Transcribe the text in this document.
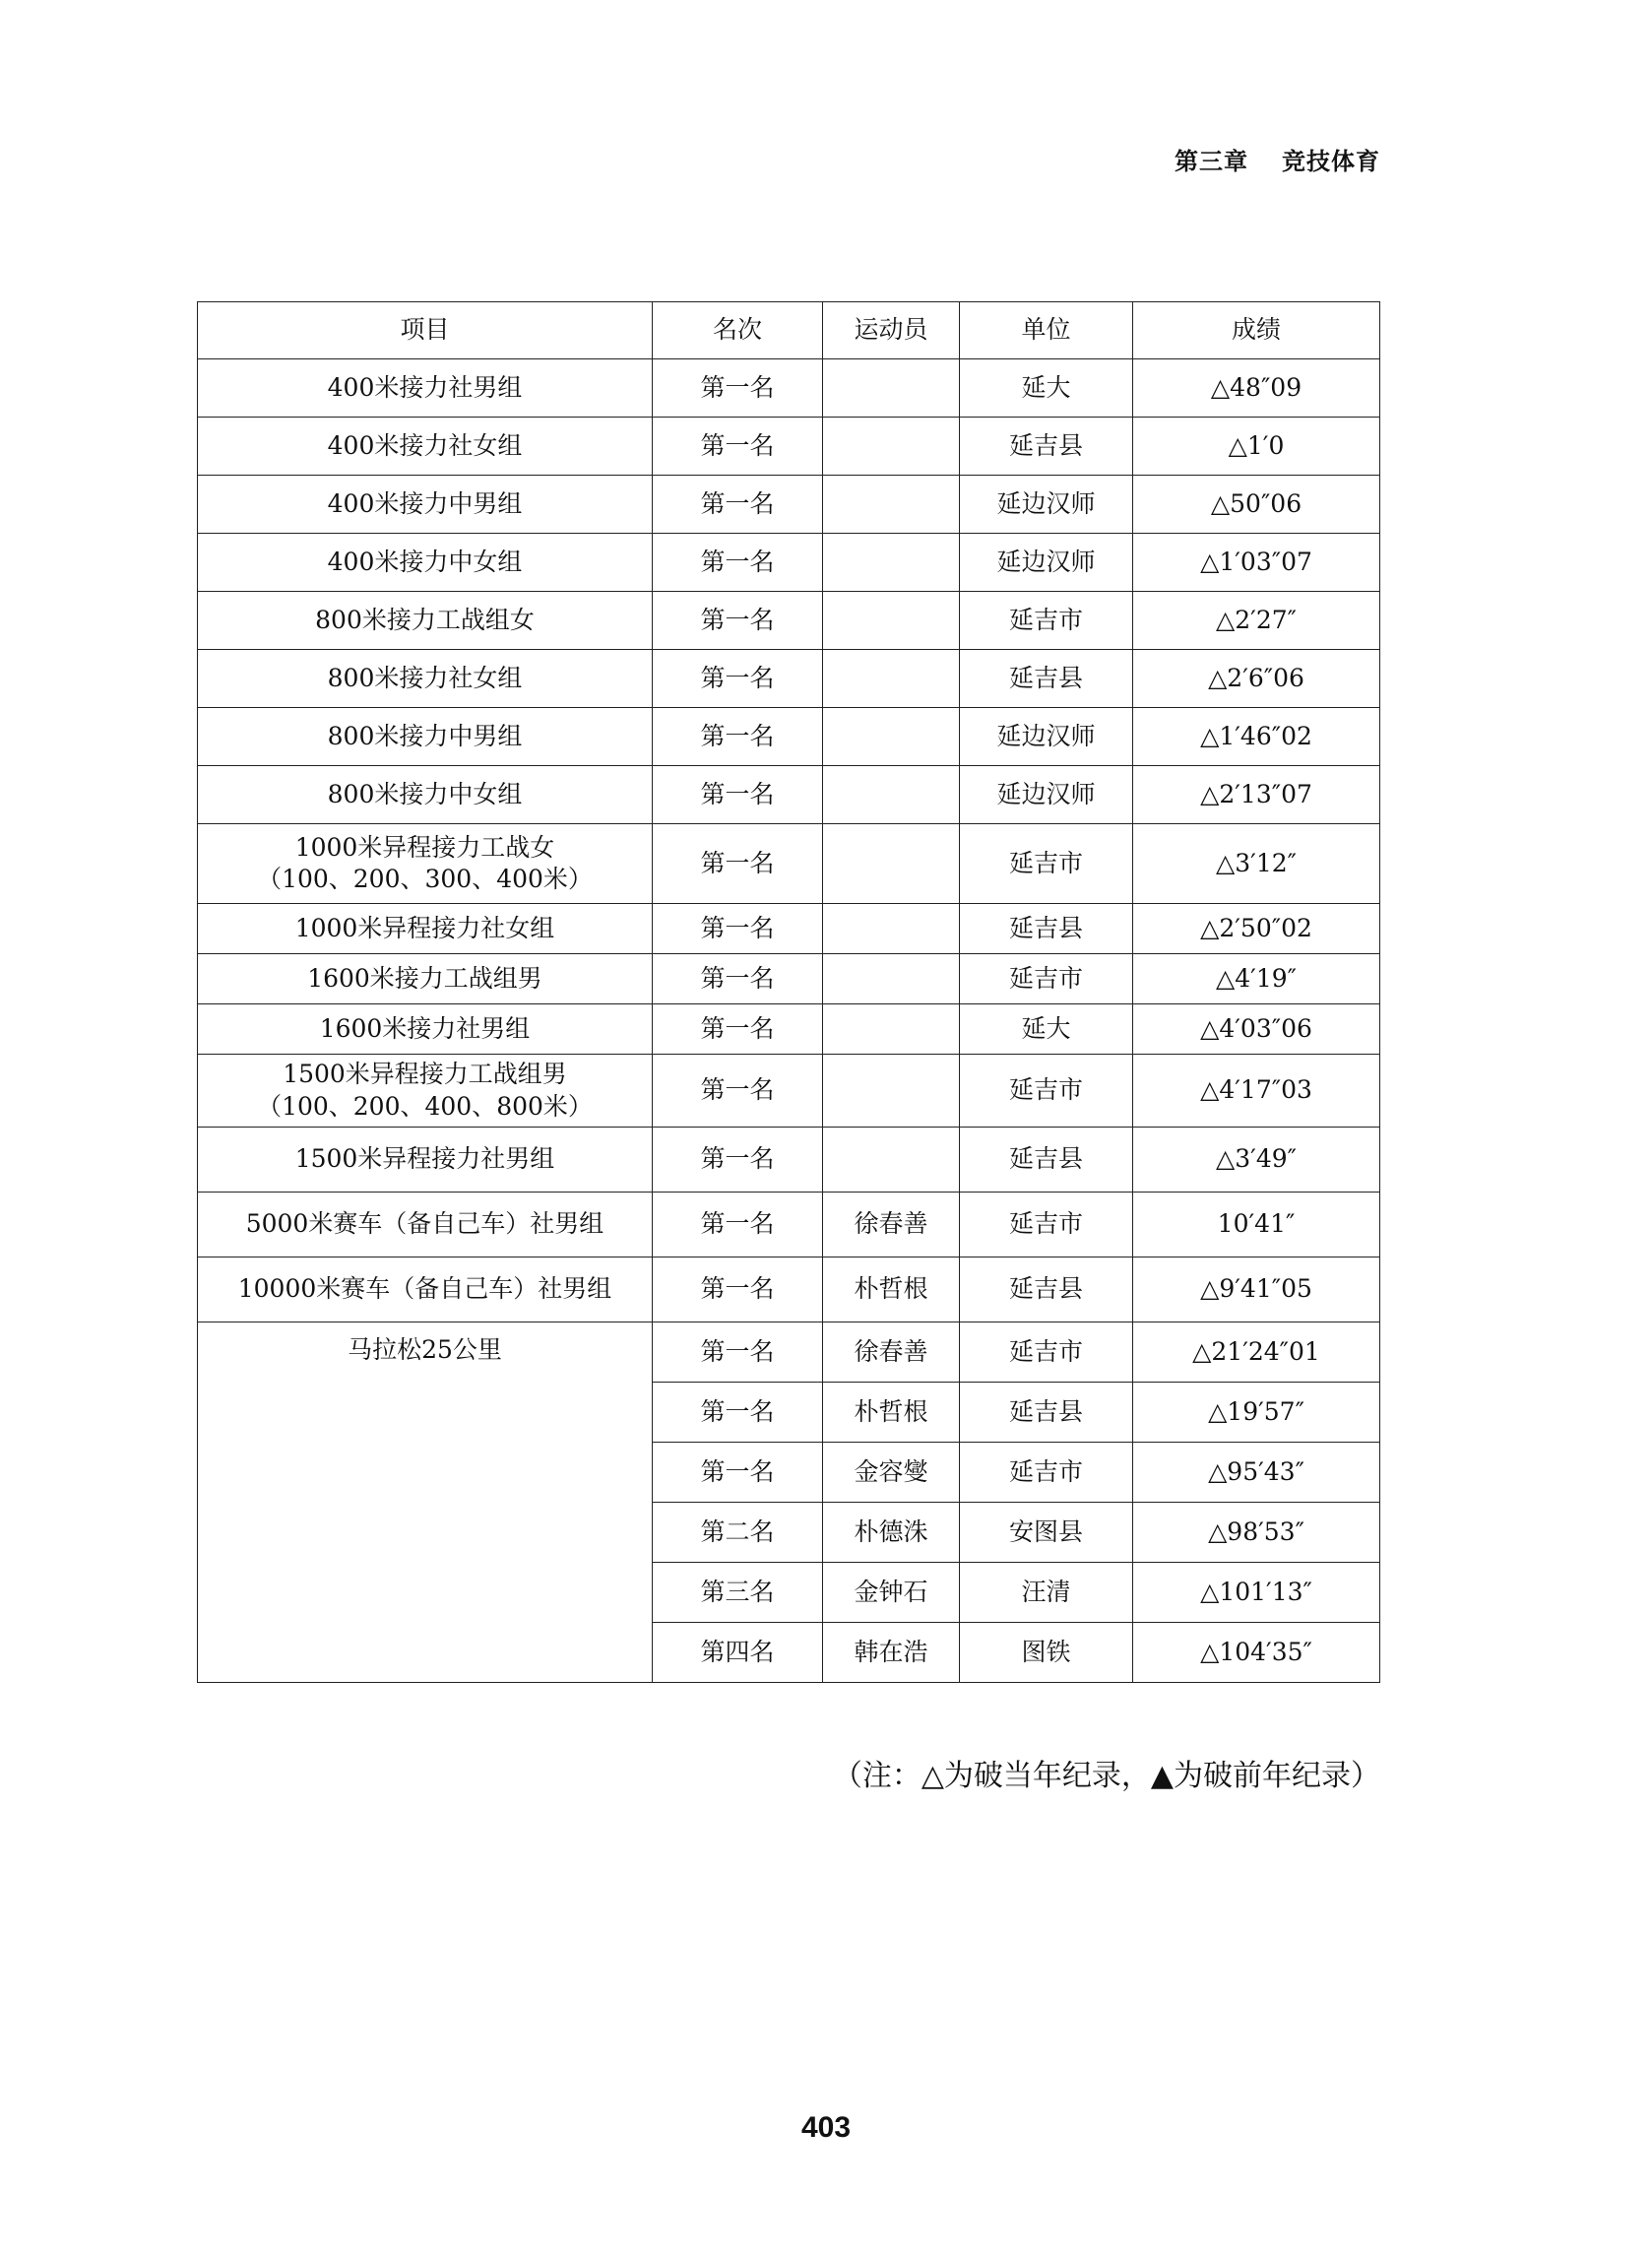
第三章 竞技体育
项目	名次	运动员	单位	成绩

400米接力社男组	第一名		延大	△48″09

400米接力社女组	第一名		延吉县	△1′0

400米接力中男组	第一名		延边汉师	△50″06

400米接力中女组	第一名		延边汉师	△1′03″07

800米接力工战组女	第一名		延吉市	△2′27″

800米接力社女组	第一名		延吉县	△2′6″06

800米接力中男组	第一名		延边汉师	△1′46″02

800米接力中女组	第一名		延边汉师	△2′13″07

1000米异程接力工战女
（100、200、300、400米）	第一名		延吉市	△3′12″

1000米异程接力社女组	第一名		延吉县	△2′50″02

1600米接力工战组男	第一名		延吉市	△4′19″

1600米接力社男组	第一名		延大	△4′03″06

1500米异程接力工战组男
（100、200、400、800米）	第一名		延吉市	△4′17″03

1500米异程接力社男组	第一名		延吉县	△3′49″

5000米赛车（备自己车）社男组	第一名	徐春善	延吉市	10′41″

10000米赛车（备自己车）社男组	第一名	朴哲根	延吉县	△9′41″05
马拉松25公里	第一名	徐春善	延吉市	△21′24″01
	第一名	朴哲根	延吉县	△19′57″
	第一名	金容燮	延吉市	△95′43″
	第二名	朴德洙	安图县	△98′53″
	第三名	金钟石	汪清	△101′13″
	第四名	韩在浩	图铁	△104′35″
（注：△为破当年纪录，▲为破前年纪录）
403
